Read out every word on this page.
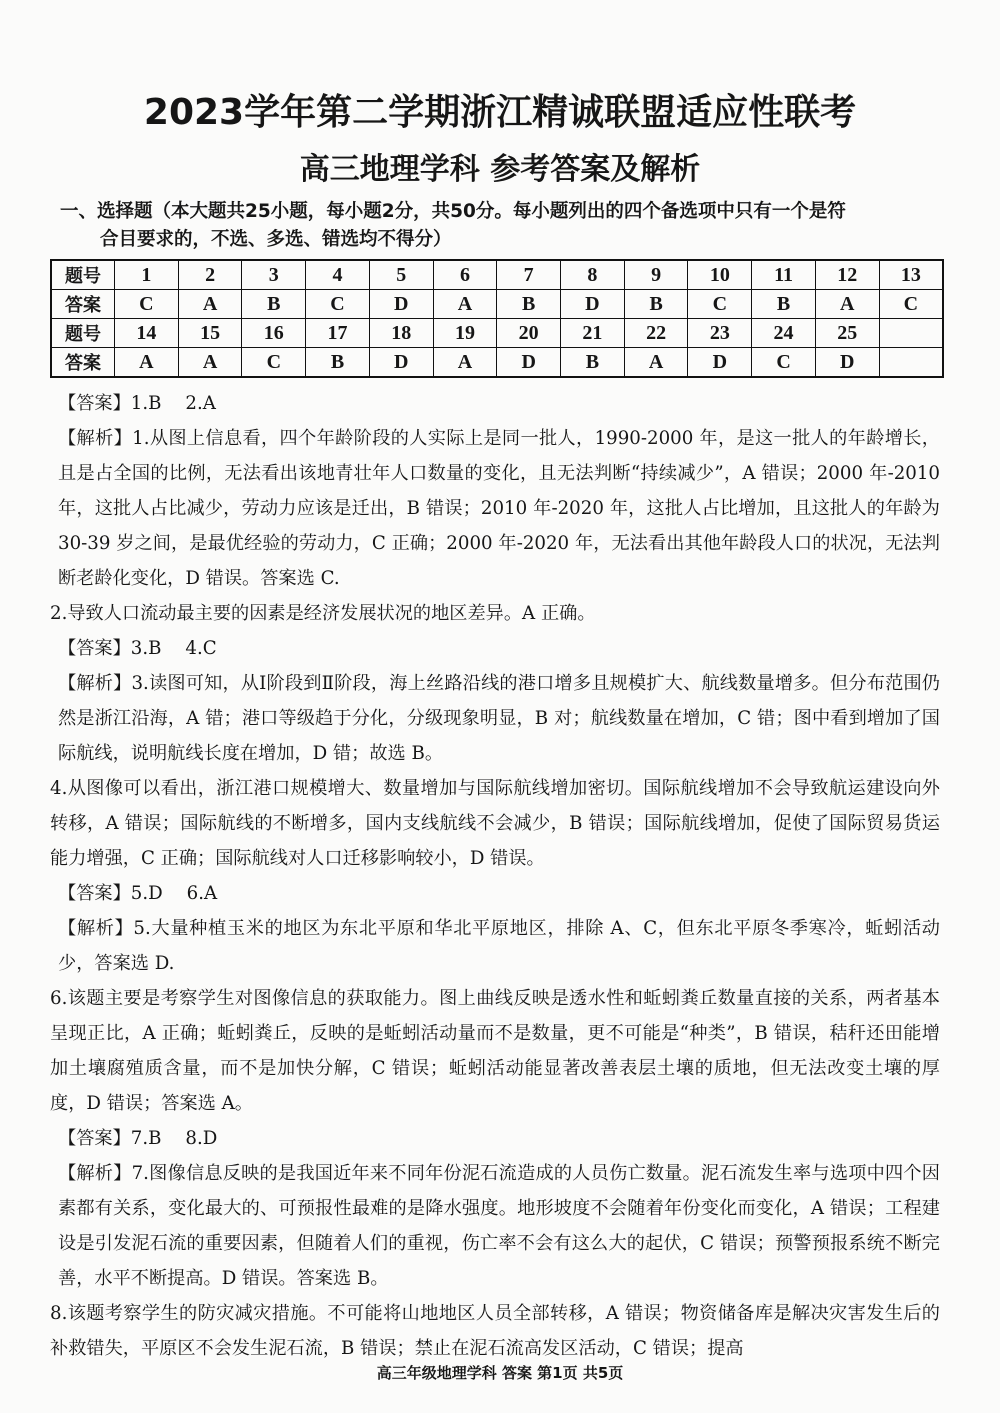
2023学年第二学期浙江精诚联盟适应性联考
高三地理学科 参考答案及解析
一、选择题（本大题共25小题，每小题2分，共50分。每小题列出的四个备选项中只有一个是符
合目要求的，不选、多选、错选均不得分）
题号	1	2	3	4	5	6	7	8	9	10	11	12	13
答案	C	A	B	C	D	A	B	D	B	C	B	A	C
题号	14	15	16	17	18	19	20	21	22	23	24	25	
答案	A	A	C	B	D	A	D	B	A	D	C	D	

【答案】1.B　 2.A

【解析】1.从图上信息看，四个年龄阶段的人实际上是同一批人，1990-2000 年，是这一批人的年龄增长，且是占全国的比例，无法看出该地青壮年人口数量的变化，且无法判断“持续减少”，A 错误；2000 年-2010 年，这批人占比减少，劳动力应该是迁出，B 错误；2010 年-2020 年，这批人占比增加，且这批人的年龄为 30-39 岁之间，是最优经验的劳动力，C 正确；2000 年-2020 年，无法看出其他年龄段人口的状况，无法判断老龄化变化，D 错误。答案选 C.

2.导致人口流动最主要的因素是经济发展状况的地区差异。A 正确。

【答案】3.B　 4.C

【解析】3.读图可知，从Ⅰ阶段到Ⅱ阶段，海上丝路沿线的港口增多且规模扩大、航线数量增多。但分布范围仍然是浙江沿海，A 错；港口等级趋于分化，分级现象明显，B 对；航线数量在增加，C 错；图中看到增加了国际航线，说明航线长度在增加，D 错；故选 B。

4.从图像可以看出，浙江港口规模增大、数量增加与国际航线增加密切。国际航线增加不会导致航运建设向外转移，A 错误；国际航线的不断增多，国内支线航线不会减少，B 错误；国际航线增加，促使了国际贸易货运能力增强，C 正确；国际航线对人口迁移影响较小，D 错误。

【答案】5.D　 6.A

【解析】5.大量种植玉米的地区为东北平原和华北平原地区，排除 A、C，但东北平原冬季寒冷，蚯蚓活动少，答案选 D.

6.该题主要是考察学生对图像信息的获取能力。图上曲线反映是透水性和蚯蚓粪丘数量直接的关系，两者基本呈现正比，A 正确；蚯蚓粪丘，反映的是蚯蚓活动量而不是数量，更不可能是“种类”，B 错误，秸秆还田能增加土壤腐殖质含量，而不是加快分解，C 错误；蚯蚓活动能显著改善表层土壤的质地，但无法改变土壤的厚度，D 错误；答案选 A。

【答案】7.B　 8.D

【解析】7.图像信息反映的是我国近年来不同年份泥石流造成的人员伤亡数量。泥石流发生率与选项中四个因素都有关系，变化最大的、可预报性最难的是降水强度。地形坡度不会随着年份变化而变化，A 错误；工程建设是引发泥石流的重要因素，但随着人们的重视，伤亡率不会有这么大的起伏，C 错误；预警预报系统不断完善，水平不断提高。D 错误。答案选 B。

8.该题考察学生的防灾减灾措施。不可能将山地地区人员全部转移，A 错误；物资储备库是解决灾害发生后的补救错失，平原区不会发生泥石流，B 错误；禁止在泥石流高发区活动，C 错误；提高

高三年级地理学科 答案 第1页 共5页
